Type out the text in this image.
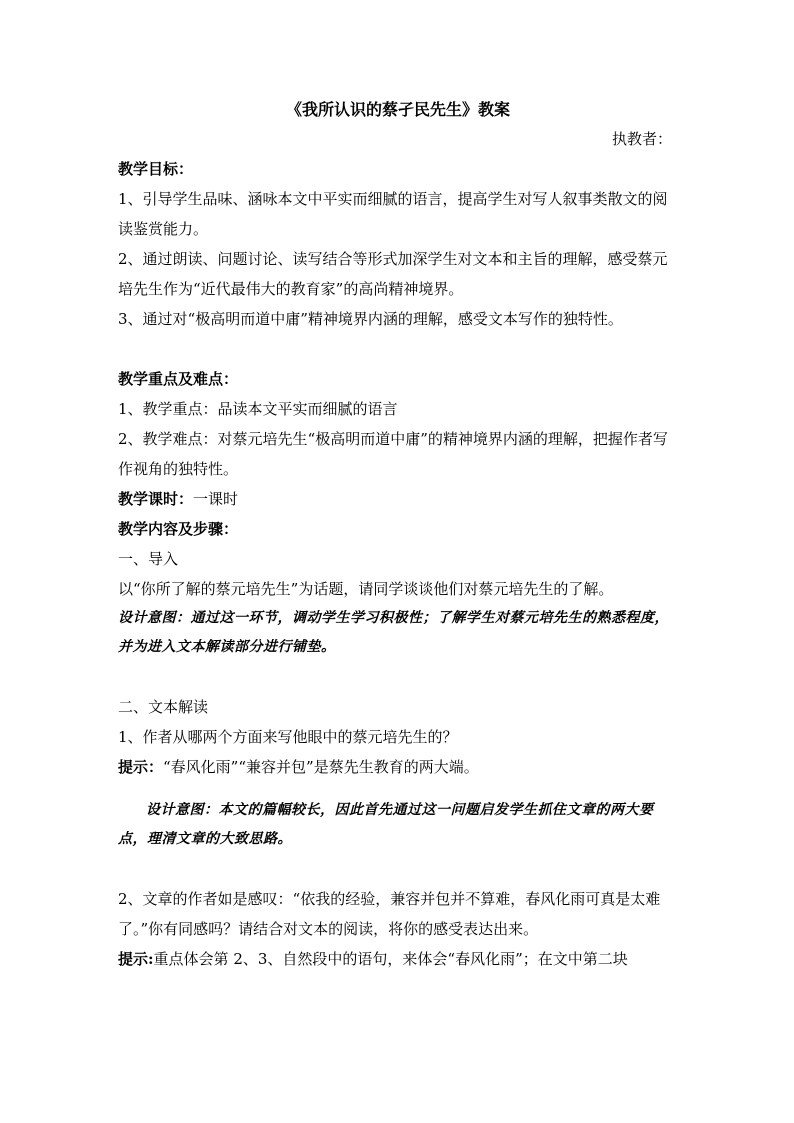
《我所认识的蔡孑民先生》教案
执教者：

教学目标：

1、引导学生品味、涵咏本文中平实而细腻的语言，提高学生对写人叙事类散文的阅读鉴赏能力。

2、通过朗读、问题讨论、读写结合等形式加深学生对文本和主旨的理解，感受蔡元培先生作为“近代最伟大的教育家”的高尚精神境界。

3、通过对“极高明而道中庸”精神境界内涵的理解，感受文本写作的独特性。

教学重点及难点：

1、教学重点：品读本文平实而细腻的语言

2、教学难点：对蔡元培先生“极高明而道中庸”的精神境界内涵的理解，把握作者写作视角的独特性。

教学课时：一课时

教学内容及步骤：

一、导入

以“你所了解的蔡元培先生”为话题，请同学谈谈他们对蔡元培先生的了解。

设计意图：通过这一环节，调动学生学习积极性；了解学生对蔡元培先生的熟悉程度，并为进入文本解读部分进行铺垫。

二、文本解读

1、作者从哪两个方面来写他眼中的蔡元培先生的？

提示：“春风化雨”“兼容并包”是蔡先生教育的两大端。

设计意图：本文的篇幅较长，因此首先通过这一问题启发学生抓住文章的两大要点，理清文章的大致思路。

2、文章的作者如是感叹：“依我的经验，兼容并包并不算难，春风化雨可真是太难了。”你有同感吗？请结合对文本的阅读，将你的感受表达出来。

提示:重点体会第 2、3、自然段中的语句，来体会“春风化雨”；在文中第二块
